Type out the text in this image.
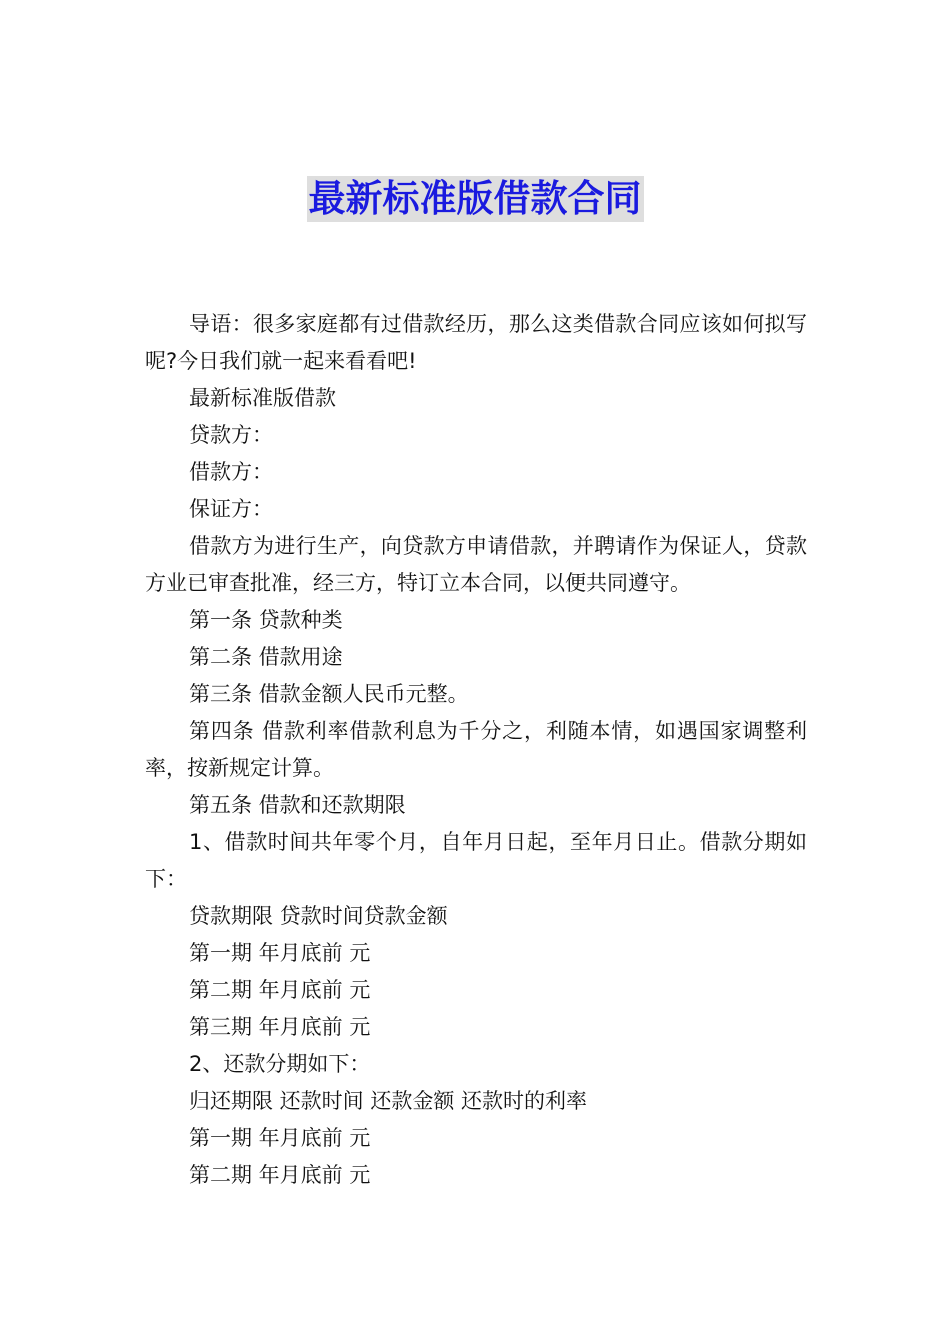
最新标准版借款合同

导语：很多家庭都有过借款经历，那么这类借款合同应该如何拟写呢?今日我们就一起来看看吧!

最新标准版借款

贷款方：

借款方：

保证方：

借款方为进行生产，向贷款方申请借款，并聘请作为保证人，贷款方业已审查批准，经三方，特订立本合同，以便共同遵守。

第一条 贷款种类

第二条 借款用途

第三条 借款金额人民币元整。

第四条 借款利率借款利息为千分之，利随本情，如遇国家调整利率，按新规定计算。

第五条 借款和还款期限

1、借款时间共年零个月，自年月日起，至年月日止。借款分期如下：

贷款期限 贷款时间贷款金额

第一期 年月底前 元

第二期 年月底前 元

第三期 年月底前 元

2、还款分期如下：

归还期限 还款时间 还款金额 还款时的利率

第一期 年月底前 元

第二期 年月底前 元
